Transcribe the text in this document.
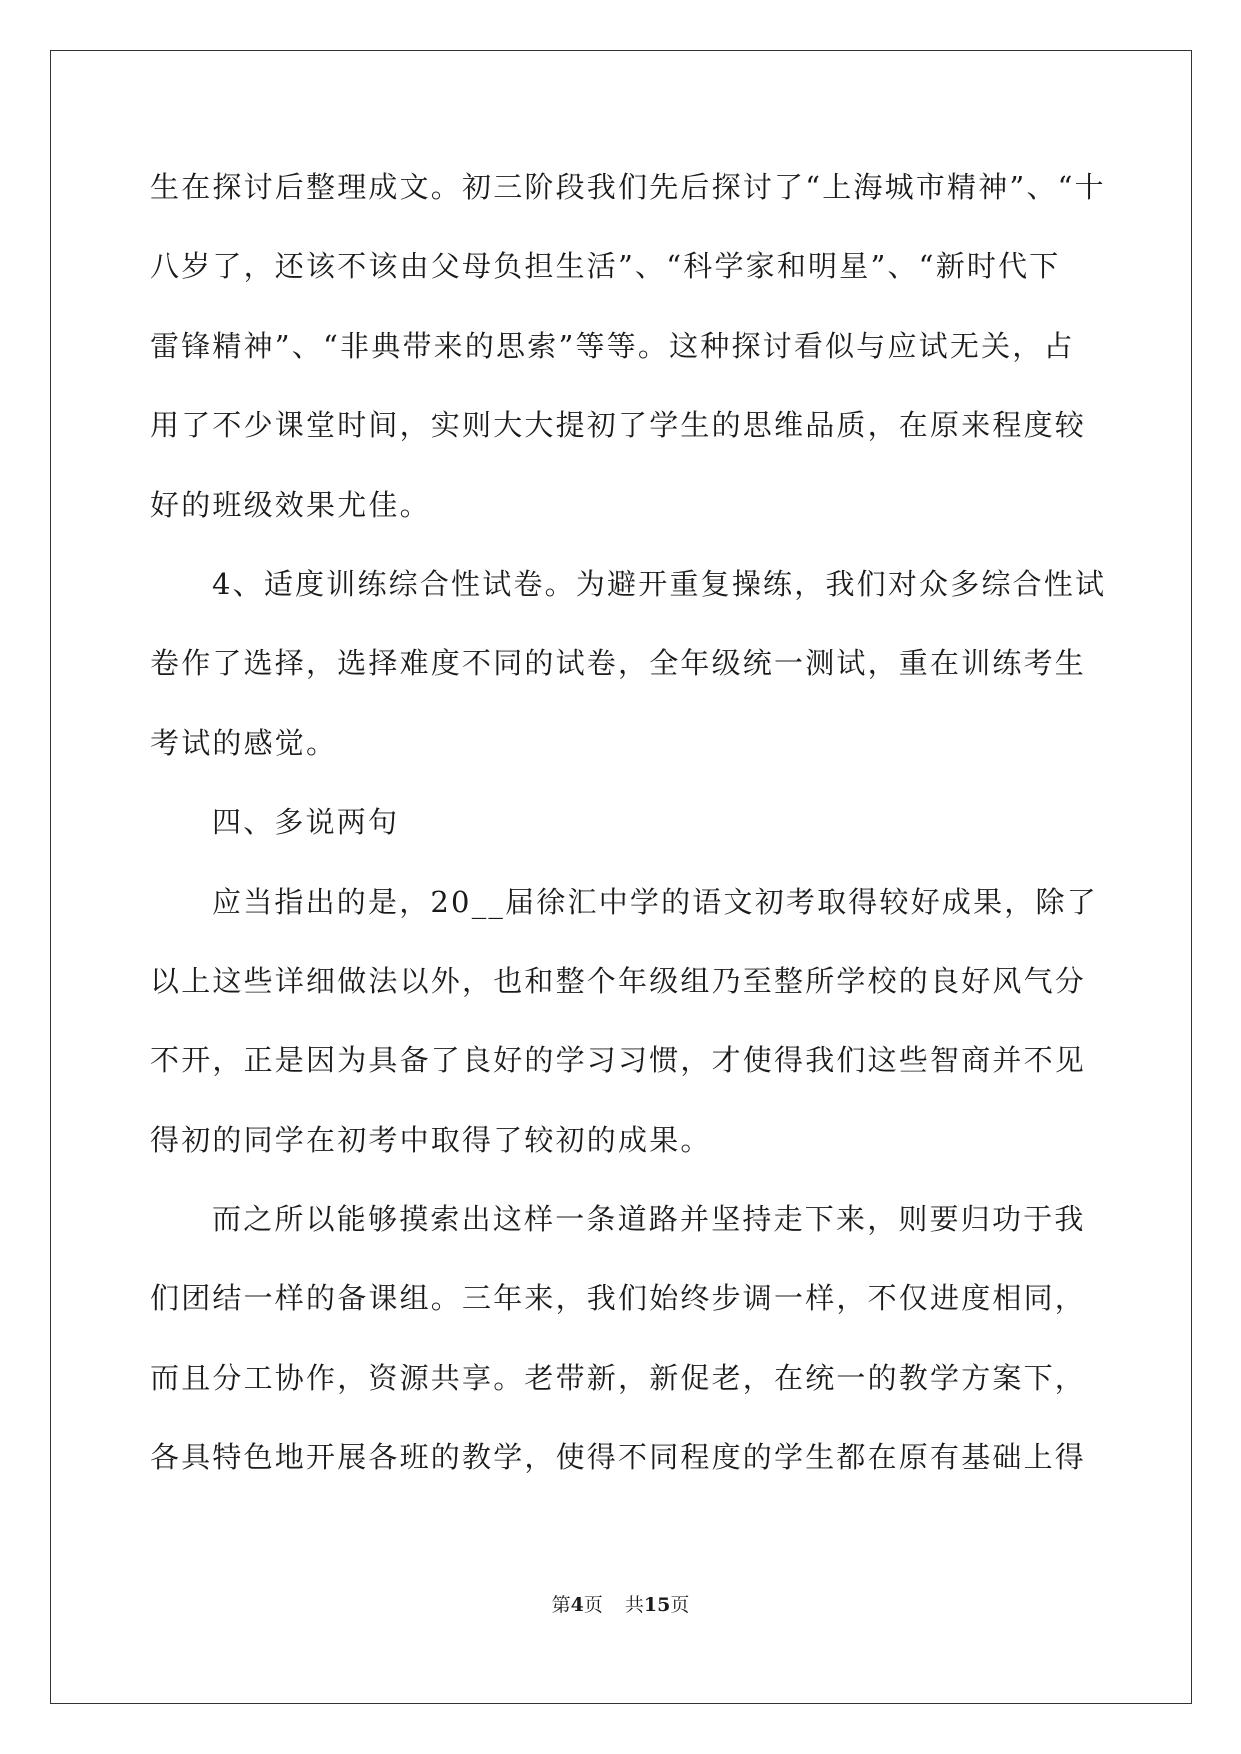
生在探讨后整理成文。初三阶段我们先后探讨了“上海城市精神”、“十
八岁了，还该不该由父母负担生活”、“科学家和明星”、“新时代下
雷锋精神”、“非典带来的思索”等等。这种探讨看似与应试无关，占
用了不少课堂时间，实则大大提初了学生的思维品质，在原来程度较
好的班级效果尤佳。
4、适度训练综合性试卷。为避开重复操练，我们对众多综合性试
卷作了选择，选择难度不同的试卷，全年级统一测试，重在训练考生
考试的感觉。
四、多说两句
应当指出的是，20__届徐汇中学的语文初考取得较好成果，除了
以上这些详细做法以外，也和整个年级组乃至整所学校的良好风气分
不开，正是因为具备了良好的学习习惯，才使得我们这些智商并不见
得初的同学在初考中取得了较初的成果。
而之所以能够摸索出这样一条道路并坚持走下来，则要归功于我
们团结一样的备课组。三年来，我们始终步调一样，不仅进度相同，
而且分工协作，资源共享。老带新，新促老，在统一的教学方案下，
各具特色地开展各班的教学，使得不同程度的学生都在原有基础上得
第4页 共15页
